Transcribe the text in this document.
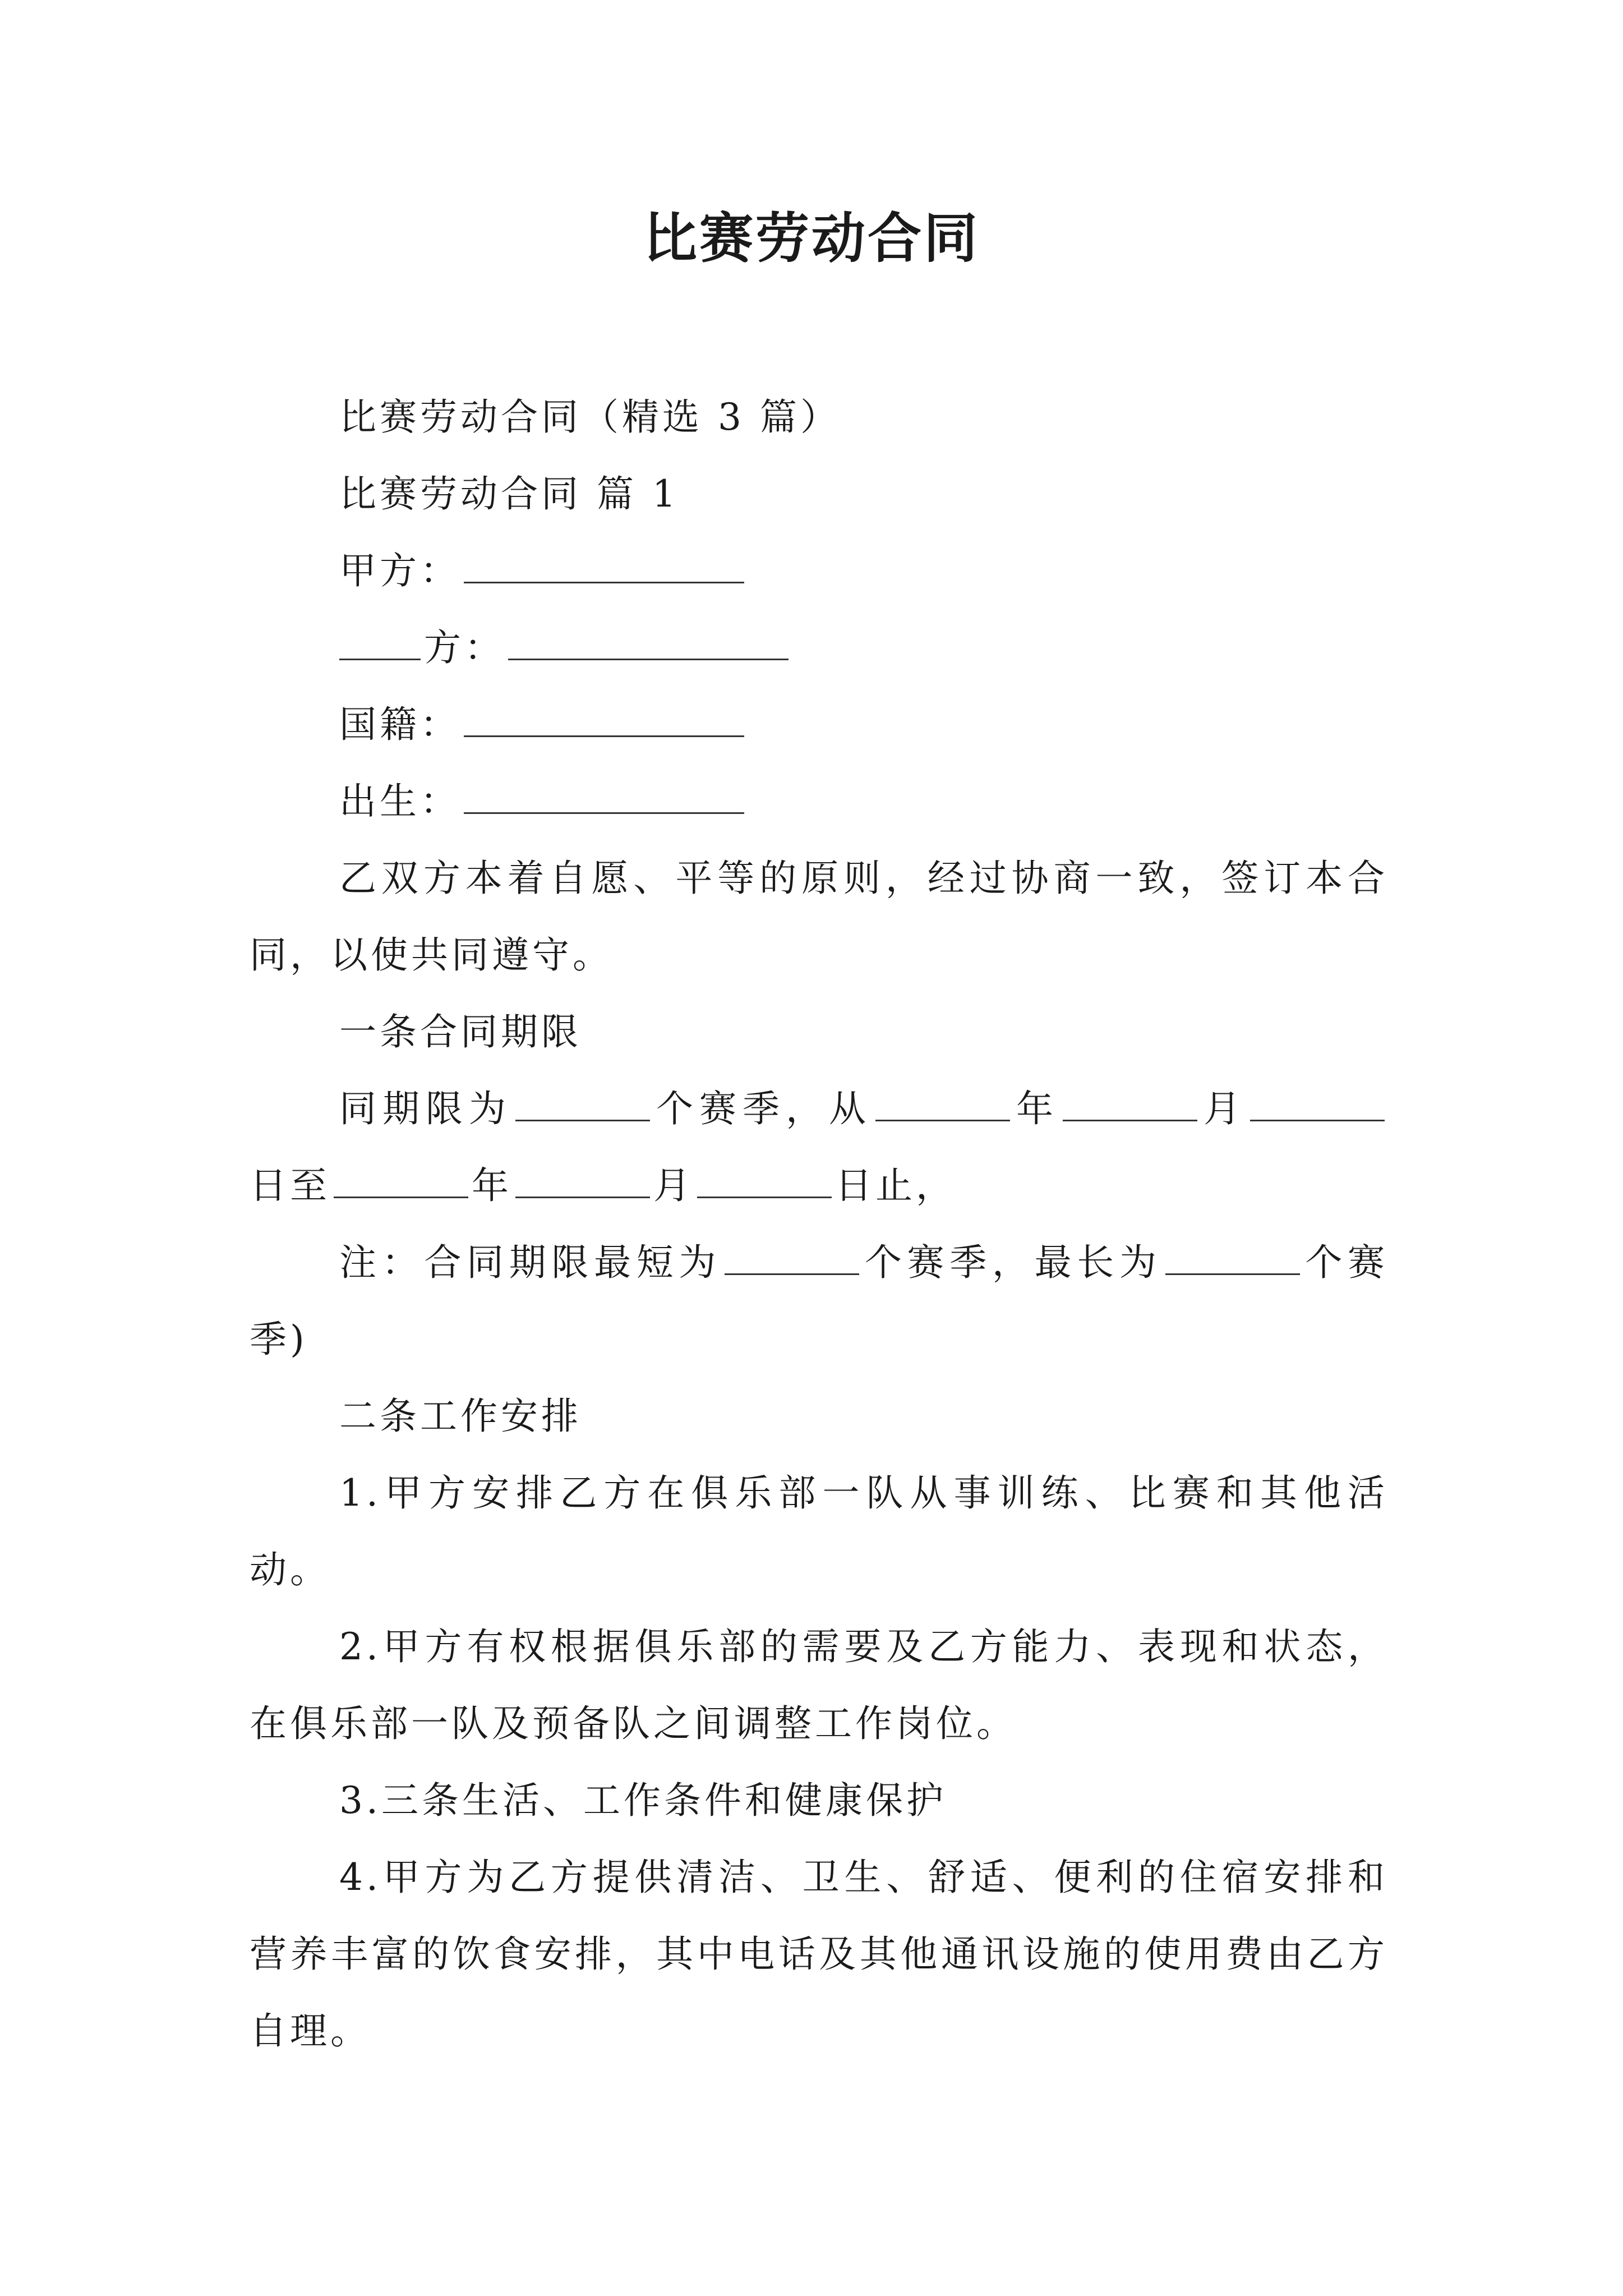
比赛劳动合同

比赛劳动合同（精选 3 篇）

比赛劳动合同 篇 1

甲方：

方：

国籍：

出生：

乙双方本着自愿、平等的原则，经过协商一致，签订本合同，以使共同遵守。

一条合同期限

同期限为	个赛季，从	年	月日至	年	月	日止，

注：合同期限最短为	个赛季，最长为	个赛季)

二条工作安排

1.甲方安排乙方在俱乐部一队从事训练、比赛和其他活动。

2.甲方有权根据俱乐部的需要及乙方能力、表现和状态，在俱乐部一队及预备队之间调整工作岗位。

3.三条生活、工作条件和健康保护

4.甲方为乙方提供清洁、卫生、舒适、便利的住宿安排和营养丰富的饮食安排，其中电话及其他通讯设施的使用费由乙方自理。
